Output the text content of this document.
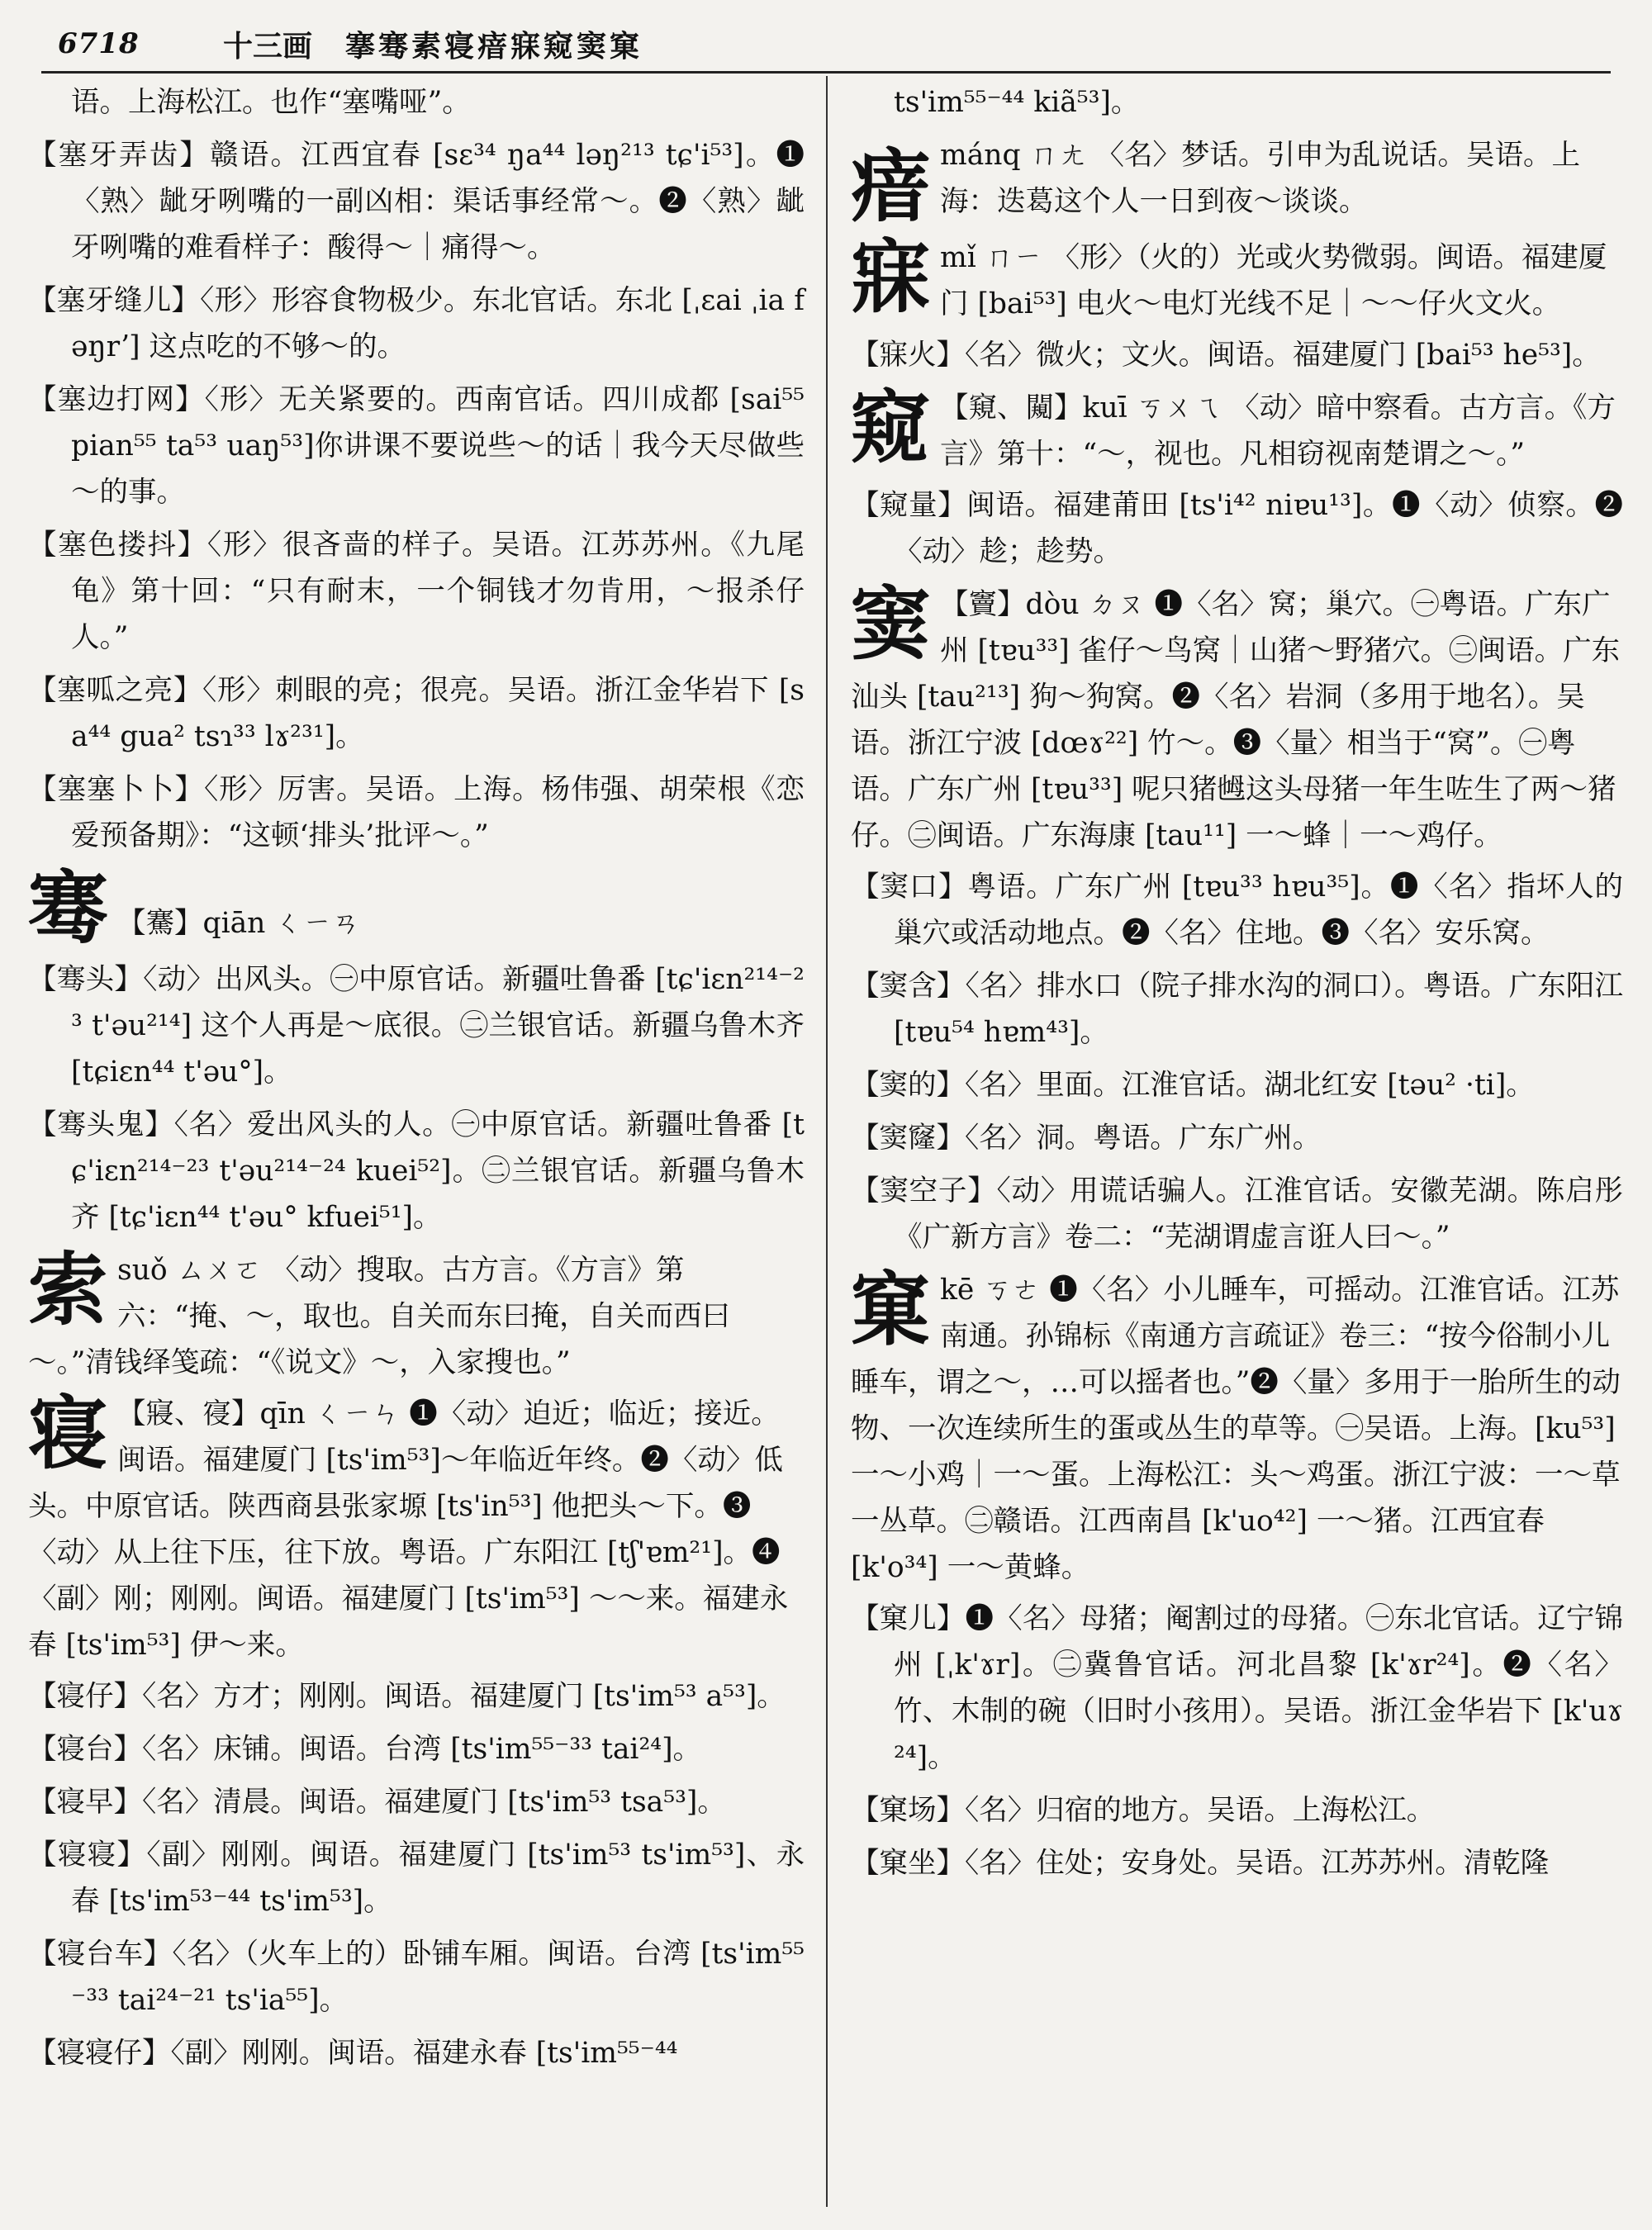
6718	十三画 搴骞素寝瘖寐窥窦窠
语。上海松江。也作“塞嘴哑”。
【塞牙弄齿】赣语。江西宜春 [sɛ³⁴ ŋa⁴⁴ ləŋ²¹³ tɕ'i⁵³]。❶〈熟〉龇牙咧嘴的一副凶相：渠话事经常～。❷〈熟〉龇牙咧嘴的难看样子：酸得～｜痛得～。
【塞牙缝儿】〈形〉形容食物极少。东北官话。东北 [ˌɛai ˌia fəŋrʼ] 这点吃的不够～的。
【塞边打网】〈形〉无关紧要的。西南官话。四川成都 [sai⁵⁵ pian⁵⁵ ta⁵³ uaŋ⁵³]你讲课不要说些～的话｜我今天尽做些～的事。
【塞色搂抖】〈形〉很吝啬的样子。吴语。江苏苏州。《九尾龟》第十回：“只有耐末，一个铜钱才勿肯用，～报杀仔人。”
【塞呱之亮】〈形〉刺眼的亮；很亮。吴语。浙江金华岩下 [sa⁴⁴ gua² tsɿ³³ lɤ²³¹]。
【塞塞卜卜】〈形〉厉害。吴语。上海。杨伟强、胡荣根《恋爱预备期》：“这顿‘排头’批评～。”
骞 【騫】qiān ㄑㄧㄢ
【骞头】〈动〉出风头。㊀中原官话。新疆吐鲁番 [tɕ'iɛn²¹⁴⁻²³ t'əu²¹⁴] 这个人再是～底很。㊁兰银官话。新疆乌鲁木齐 [tɕiɛn⁴⁴ t'əu°]。
【骞头鬼】〈名〉爱出风头的人。㊀中原官话。新疆吐鲁番 [tɕ'iɛn²¹⁴⁻²³ t'əu²¹⁴⁻²⁴ kuei⁵²]。㊁兰银官话。新疆乌鲁木齐 [tɕ'iɛn⁴⁴ t'əu° kfuei⁵¹]。
索suǒ ㄙㄨㄛ 〈动〉搜取。古方言。《方言》第六：“掩、～，取也。自关而东曰掩，自关而西曰～。”清钱绎笺疏：“《说文》～，入家搜也。”
寝 【寢、寑】qīn ㄑㄧㄣ ❶〈动〉迫近；临近；接近。闽语。福建厦门 [ts'im⁵³]～年临近年终。❷〈动〉低头。中原官话。陕西商县张家塬 [ts'in⁵³] 他把头～下。❸〈动〉从上往下压，往下放。粤语。广东阳江 [tʃ'ɐm²¹]。❹〈副〉刚；刚刚。闽语。福建厦门 [ts'im⁵³] ～～来。福建永春 [ts'im⁵³] 伊～来。
【寝仔】〈名〉方才；刚刚。闽语。福建厦门 [ts'im⁵³ a⁵³]。
【寝台】〈名〉床铺。闽语。台湾 [ts'im⁵⁵⁻³³ tai²⁴]。
【寝早】〈名〉清晨。闽语。福建厦门 [ts'im⁵³ tsa⁵³]。
【寝寝】〈副〉刚刚。闽语。福建厦门 [ts'im⁵³ ts'im⁵³]、永春 [ts'im⁵³⁻⁴⁴ ts'im⁵³]。
【寝台车】〈名〉（火车上的）卧铺车厢。闽语。台湾 [ts'im⁵⁵⁻³³ tai²⁴⁻²¹ ts'ia⁵⁵]。
【寝寝仔】〈副〉刚刚。闽语。福建永春 [ts'im⁵⁵⁻⁴⁴
ts'im⁵⁵⁻⁴⁴ kiã⁵³]。
瘖 mánq ㄇㄤ 〈名〉梦话。引申为乱说话。吴语。上海：迭葛这个人一日到夜～谈谈。
寐mǐ ㄇㄧ 〈形〉（火的）光或火势微弱。闽语。福建厦门 [bai⁵³] 电火～电灯光线不足｜～～仔火文火。
【寐火】〈名〉微火；文火。闽语。福建厦门 [bai⁵³ he⁵³]。
窥 【窺、闚】kuī ㄎㄨㄟ 〈动〉暗中察看。古方言。《方言》第十：“～，视也。凡相窃视南楚谓之～。”
【窥量】闽语。福建莆田 [ts'i⁴² niɐu¹³]。❶〈动〉侦察。❷〈动〉趁；趁势。
窦 【竇】dòu ㄉㄡ ❶〈名〉窝；巢穴。㊀粤语。广东广州 [tɐu³³] 雀仔～鸟窝｜山猪～野猪穴。㊁闽语。广东汕头 [tau²¹³] 狗～狗窝。❷〈名〉岩洞（多用于地名）。吴语。浙江宁波 [dœɤ²²] 竹～。❸〈量〉相当于“窝”。㊀粤语。广东广州 [tɐu³³] 呢只猪乸这头母猪一年生咗生了两～猪仔。㊁闽语。广东海康 [tau¹¹] 一～蜂｜一～鸡仔。
【窦口】粤语。广东广州 [tɐu³³ hɐu³⁵]。❶〈名〉指坏人的巢穴或活动地点。❷〈名〉住地。❸〈名〉安乐窝。
【窦含】〈名〉排水口（院子排水沟的洞口）。粤语。广东阳江 [tɐu⁵⁴ hɐm⁴³]。
【窦的】〈名〉里面。江淮官话。湖北红安 [təu² ·ti]。
【窦窿】〈名〉洞。粤语。广东广州。
【窦空子】〈动〉用谎话骗人。江淮官话。安徽芜湖。陈启彤《广新方言》卷二：“芜湖谓虚言诳人曰～。”
窠kē ㄎㄜ ❶〈名〉小儿睡车，可摇动。江淮官话。江苏南通。孙锦标《南通方言疏证》卷三：“按今俗制小儿睡车，谓之～，…可以摇者也。”❷〈量〉多用于一胎所生的动物、一次连续所生的蛋或丛生的草等。㊀吴语。上海。[ku⁵³] 一～小鸡｜一～蛋。上海松江：头～鸡蛋。浙江宁波：一～草一丛草。㊁赣语。江西南昌 [k'uo⁴²] 一～猪。江西宜春 [k'o³⁴] 一～黄蜂。
【窠儿】❶〈名〉母猪；阉割过的母猪。㊀东北官话。辽宁锦州 [ˌk'ɤr]。㊁冀鲁官话。河北昌黎 [k'ɤr²⁴]。❷〈名〉竹、木制的碗（旧时小孩用）。吴语。浙江金华岩下 [k'uɤ²⁴]。
【窠场】〈名〉归宿的地方。吴语。上海松江。
【窠坐】〈名〉住处；安身处。吴语。江苏苏州。清乾隆
